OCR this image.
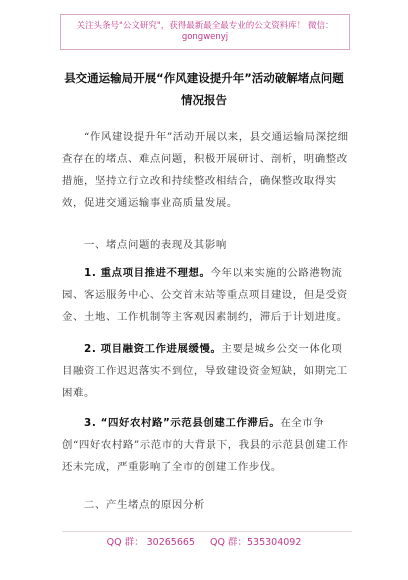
关注头条号"公文研究"，获得最新最全最专业的公文资料库！ 微信：gongwenyj
县交通运输局开展“作风建设提升年”活动破解堵点问题
情况报告
“作风建设提升年”活动开展以来，县交通运输局深挖细查存在的堵点、难点问题，积极开展研讨、剖析，明确整改措施，坚持立行立改和持续整改相结合，确保整改取得实效，促进交通运输事业高质量发展。
一、堵点问题的表现及其影响
1. 重点项目推进不理想。今年以来实施的公路港物流园、客运服务中心、公交首末站等重点项目建设，但是受资金、土地、工作机制等主客观因素制约，滞后于计划进度。
2. 项目融资工作进展缓慢。主要是城乡公交一体化项目融资工作迟迟落实不到位，导致建设资金短缺，如期完工困难。
3. “四好农村路”示范县创建工作滞后。在全市争创“四好农村路”示范市的大背景下，我县的示范县创建工作还未完成，严重影响了全市的创建工作步伐。
二、产生堵点的原因分析
QQ 群： 30265665 QQ 群：535304092
